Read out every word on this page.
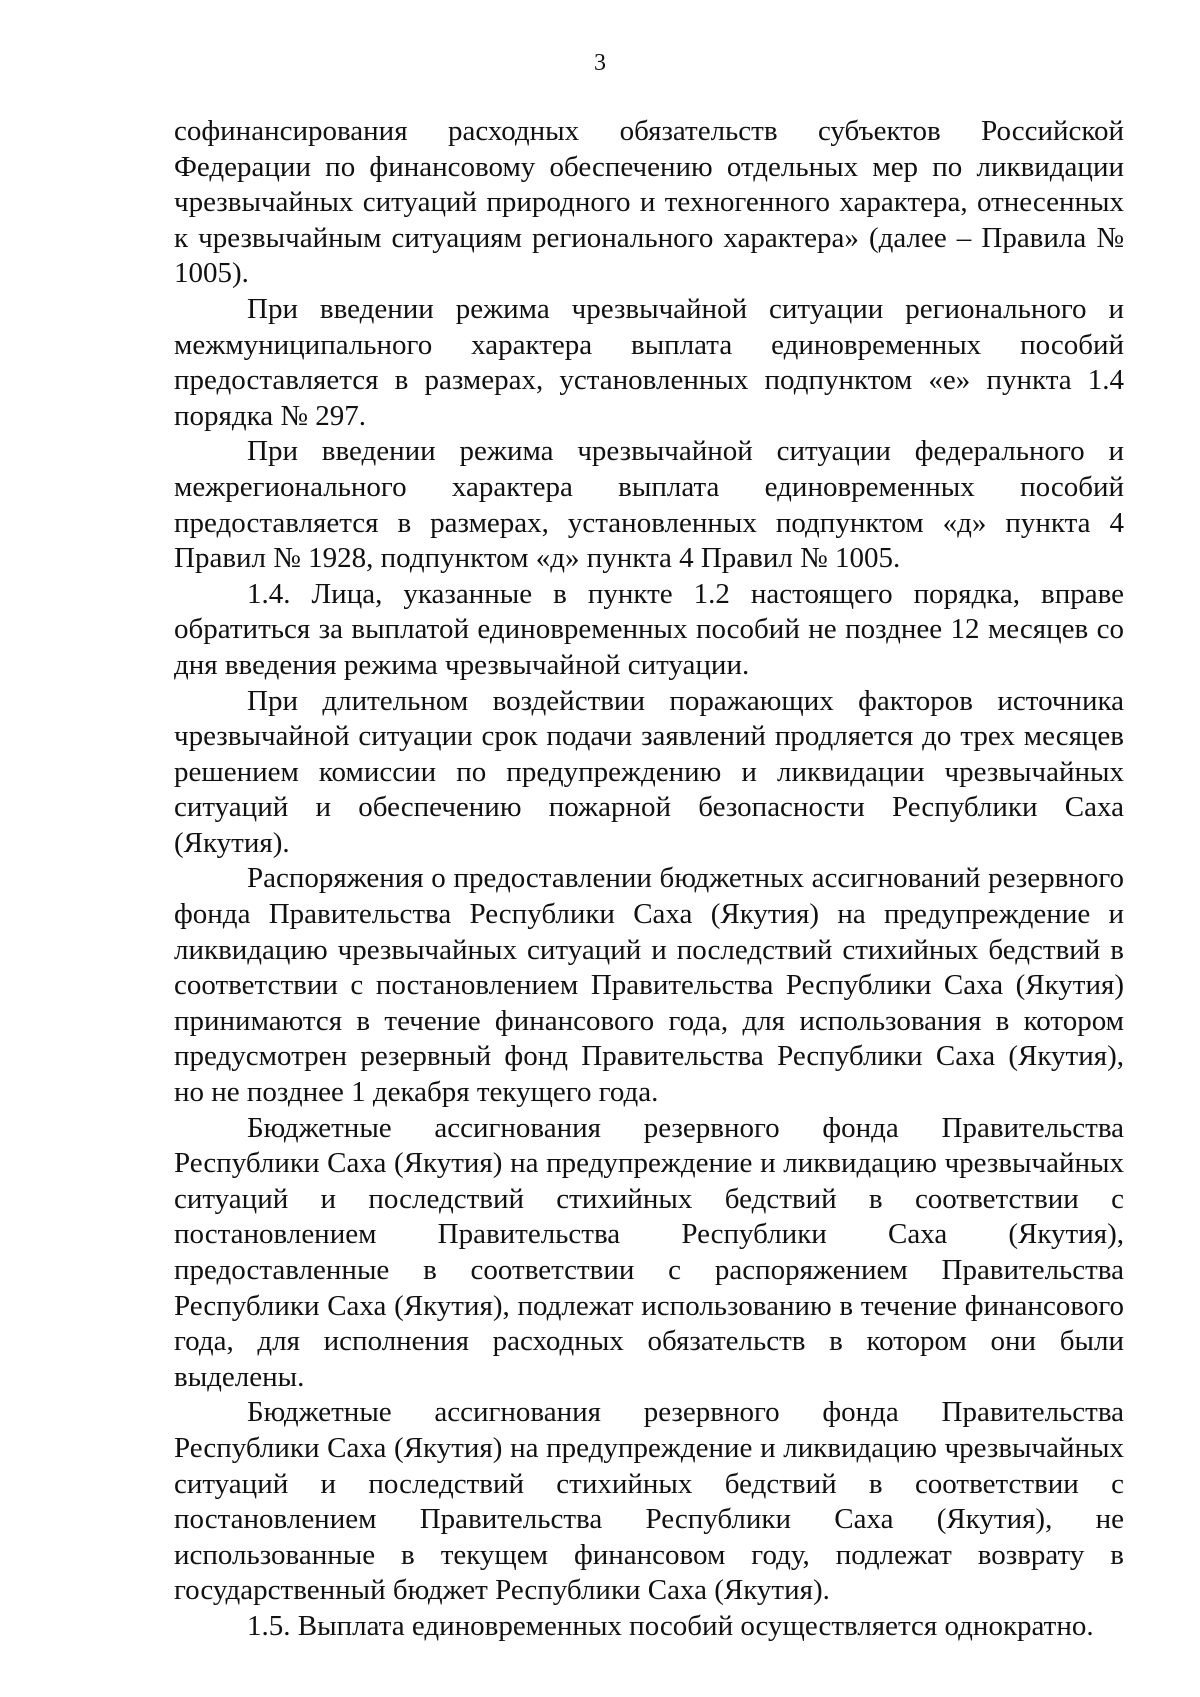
3

софинансирования расходных обязательств субъектов Российской Федерации по финансовому обеспечению отдельных мер по ликвидации чрезвычайных ситуаций природного и техногенного характера, отнесенных к чрезвычайным ситуациям регионального характера» (далее – Правила № 1005).

При введении режима чрезвычайной ситуации регионального и межмуниципального характера выплата единовременных пособий предоставляется в размерах, установленных подпунктом «е» пункта 1.4 порядка № 297.

При введении режима чрезвычайной ситуации федерального и межрегионального характера выплата единовременных пособий предоставляется в размерах, установленных подпунктом «д» пункта 4 Правил № 1928, подпунктом «д» пункта 4 Правил № 1005.

1.4. Лица, указанные в пункте 1.2 настоящего порядка, вправе обратиться за выплатой единовременных пособий не позднее 12 месяцев со дня введения режима чрезвычайной ситуации.

При длительном воздействии поражающих факторов источника чрезвычайной ситуации срок подачи заявлений продляется до трех месяцев решением комиссии по предупреждению и ликвидации чрезвычайных ситуаций и обеспечению пожарной безопасности Республики Саха (Якутия).

Распоряжения о предоставлении бюджетных ассигнований резервного фонда Правительства Республики Саха (Якутия) на предупреждение и ликвидацию чрезвычайных ситуаций и последствий стихийных бедствий в соответствии с постановлением Правительства Республики Саха (Якутия) принимаются в течение финансового года, для использования в котором предусмотрен резервный фонд Правительства Республики Саха (Якутия), но не позднее 1 декабря текущего года.

Бюджетные ассигнования резервного фонда Правительства Республики Саха (Якутия) на предупреждение и ликвидацию чрезвычайных ситуаций и последствий стихийных бедствий в соответствии с постановлением Правительства Республики Саха (Якутия), предоставленные в соответствии с распоряжением Правительства Республики Саха (Якутия), подлежат использованию в течение финансового года, для исполнения расходных обязательств в котором они были выделены.

Бюджетные ассигнования резервного фонда Правительства Республики Саха (Якутия) на предупреждение и ликвидацию чрезвычайных ситуаций и последствий стихийных бедствий в соответствии с постановлением Правительства Республики Саха (Якутия), не использованные в текущем финансовом году, подлежат возврату в государственный бюджет Республики Саха (Якутия).

1.5. Выплата единовременных пособий осуществляется однократно.
